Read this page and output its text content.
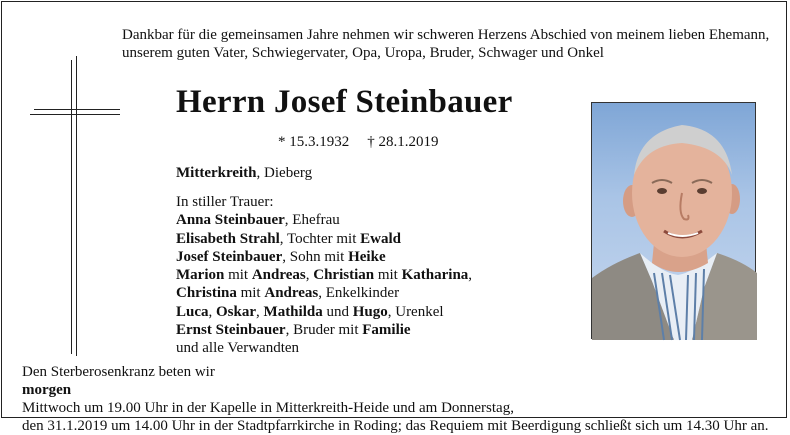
Dankbar für die gemeinsamen Jahre nehmen wir schweren Herzens Abschied von meinem lieben Ehemann,
unserem guten Vater, Schwiegervater, Opa, Uropa, Bruder, Schwager und Onkel
Herrn Josef Steinbauer
* 15.3.1932 † 28.1.2019
Mitterkreith, Dieberg
In stiller Trauer:
Anna Steinbauer, Ehefrau
Elisabeth Strahl, Tochter mit Ewald
Josef Steinbauer, Sohn mit Heike
Marion mit Andreas, Christian mit Katharina,
Christina mit Andreas, Enkelkinder
Luca, Oskar, Mathilda und Hugo, Urenkel
Ernst Steinbauer, Bruder mit Familie
und alle Verwandten
Den Sterberosenkranz beten wir
morgen
Mittwoch um 19.00 Uhr in der Kapelle in Mitterkreith-Heide und am Donnerstag,
den 31.1.2019 um 14.00 Uhr in der Stadtpfarrkirche in Roding; das Requiem mit Beerdigung schließt sich um 14.30 Uhr an.
